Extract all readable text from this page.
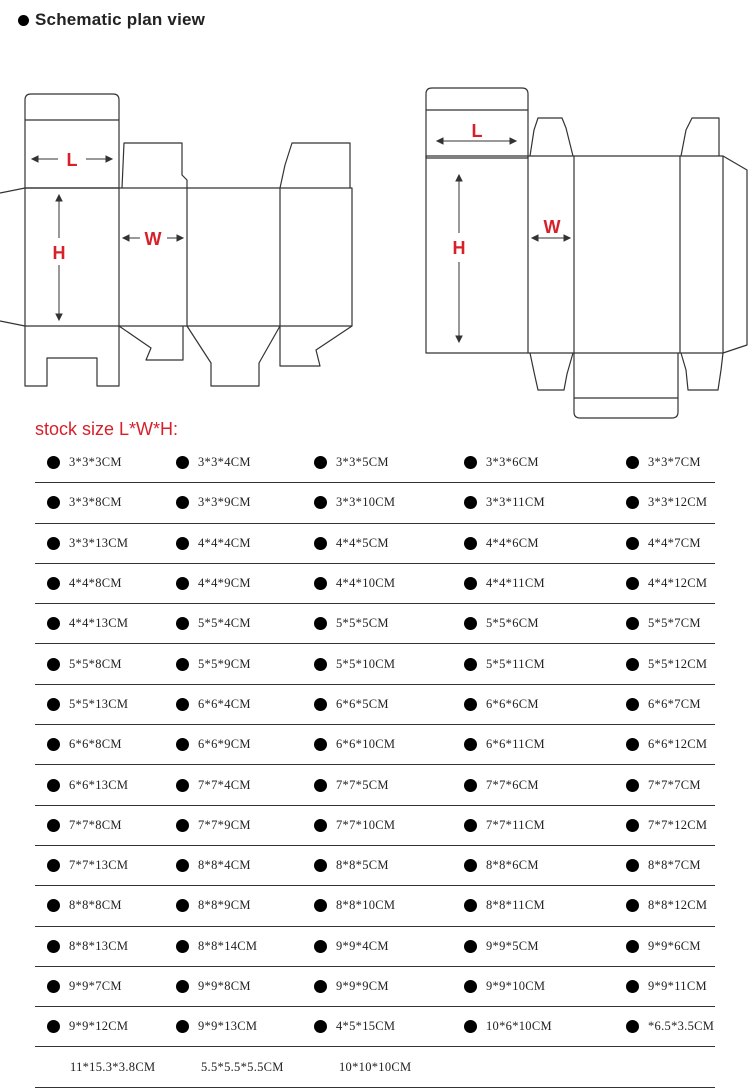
Schematic plan view
L
H
W
L
H
W
stock size L*W*H:
3*3*3CM	3*3*4CM	3*3*5CM	3*3*6CM	3*3*7CM
3*3*8CM	3*3*9CM	3*3*10CM	3*3*11CM	3*3*12CM
3*3*13CM	4*4*4CM	4*4*5CM	4*4*6CM	4*4*7CM
4*4*8CM	4*4*9CM	4*4*10CM	4*4*11CM	4*4*12CM
4*4*13CM	5*5*4CM	5*5*5CM	5*5*6CM	5*5*7CM
5*5*8CM	5*5*9CM	5*5*10CM	5*5*11CM	5*5*12CM
5*5*13CM	6*6*4CM	6*6*5CM	6*6*6CM	6*6*7CM
6*6*8CM	6*6*9CM	6*6*10CM	6*6*11CM	6*6*12CM
6*6*13CM	7*7*4CM	7*7*5CM	7*7*6CM	7*7*7CM
7*7*8CM	7*7*9CM	7*7*10CM	7*7*11CM	7*7*12CM
7*7*13CM	8*8*4CM	8*8*5CM	8*8*6CM	8*8*7CM
8*8*8CM	8*8*9CM	8*8*10CM	8*8*11CM	8*8*12CM
8*8*13CM	8*8*14CM	9*9*4CM	9*9*5CM	9*9*6CM
9*9*7CM	9*9*8CM	9*9*9CM	9*9*10CM	9*9*11CM
9*9*12CM	9*9*13CM	4*5*15CM	10*6*10CM	*6.5*3.5CM
11*15.3*3.8CM	5.5*5.5*5.5CM	10*10*10CM
